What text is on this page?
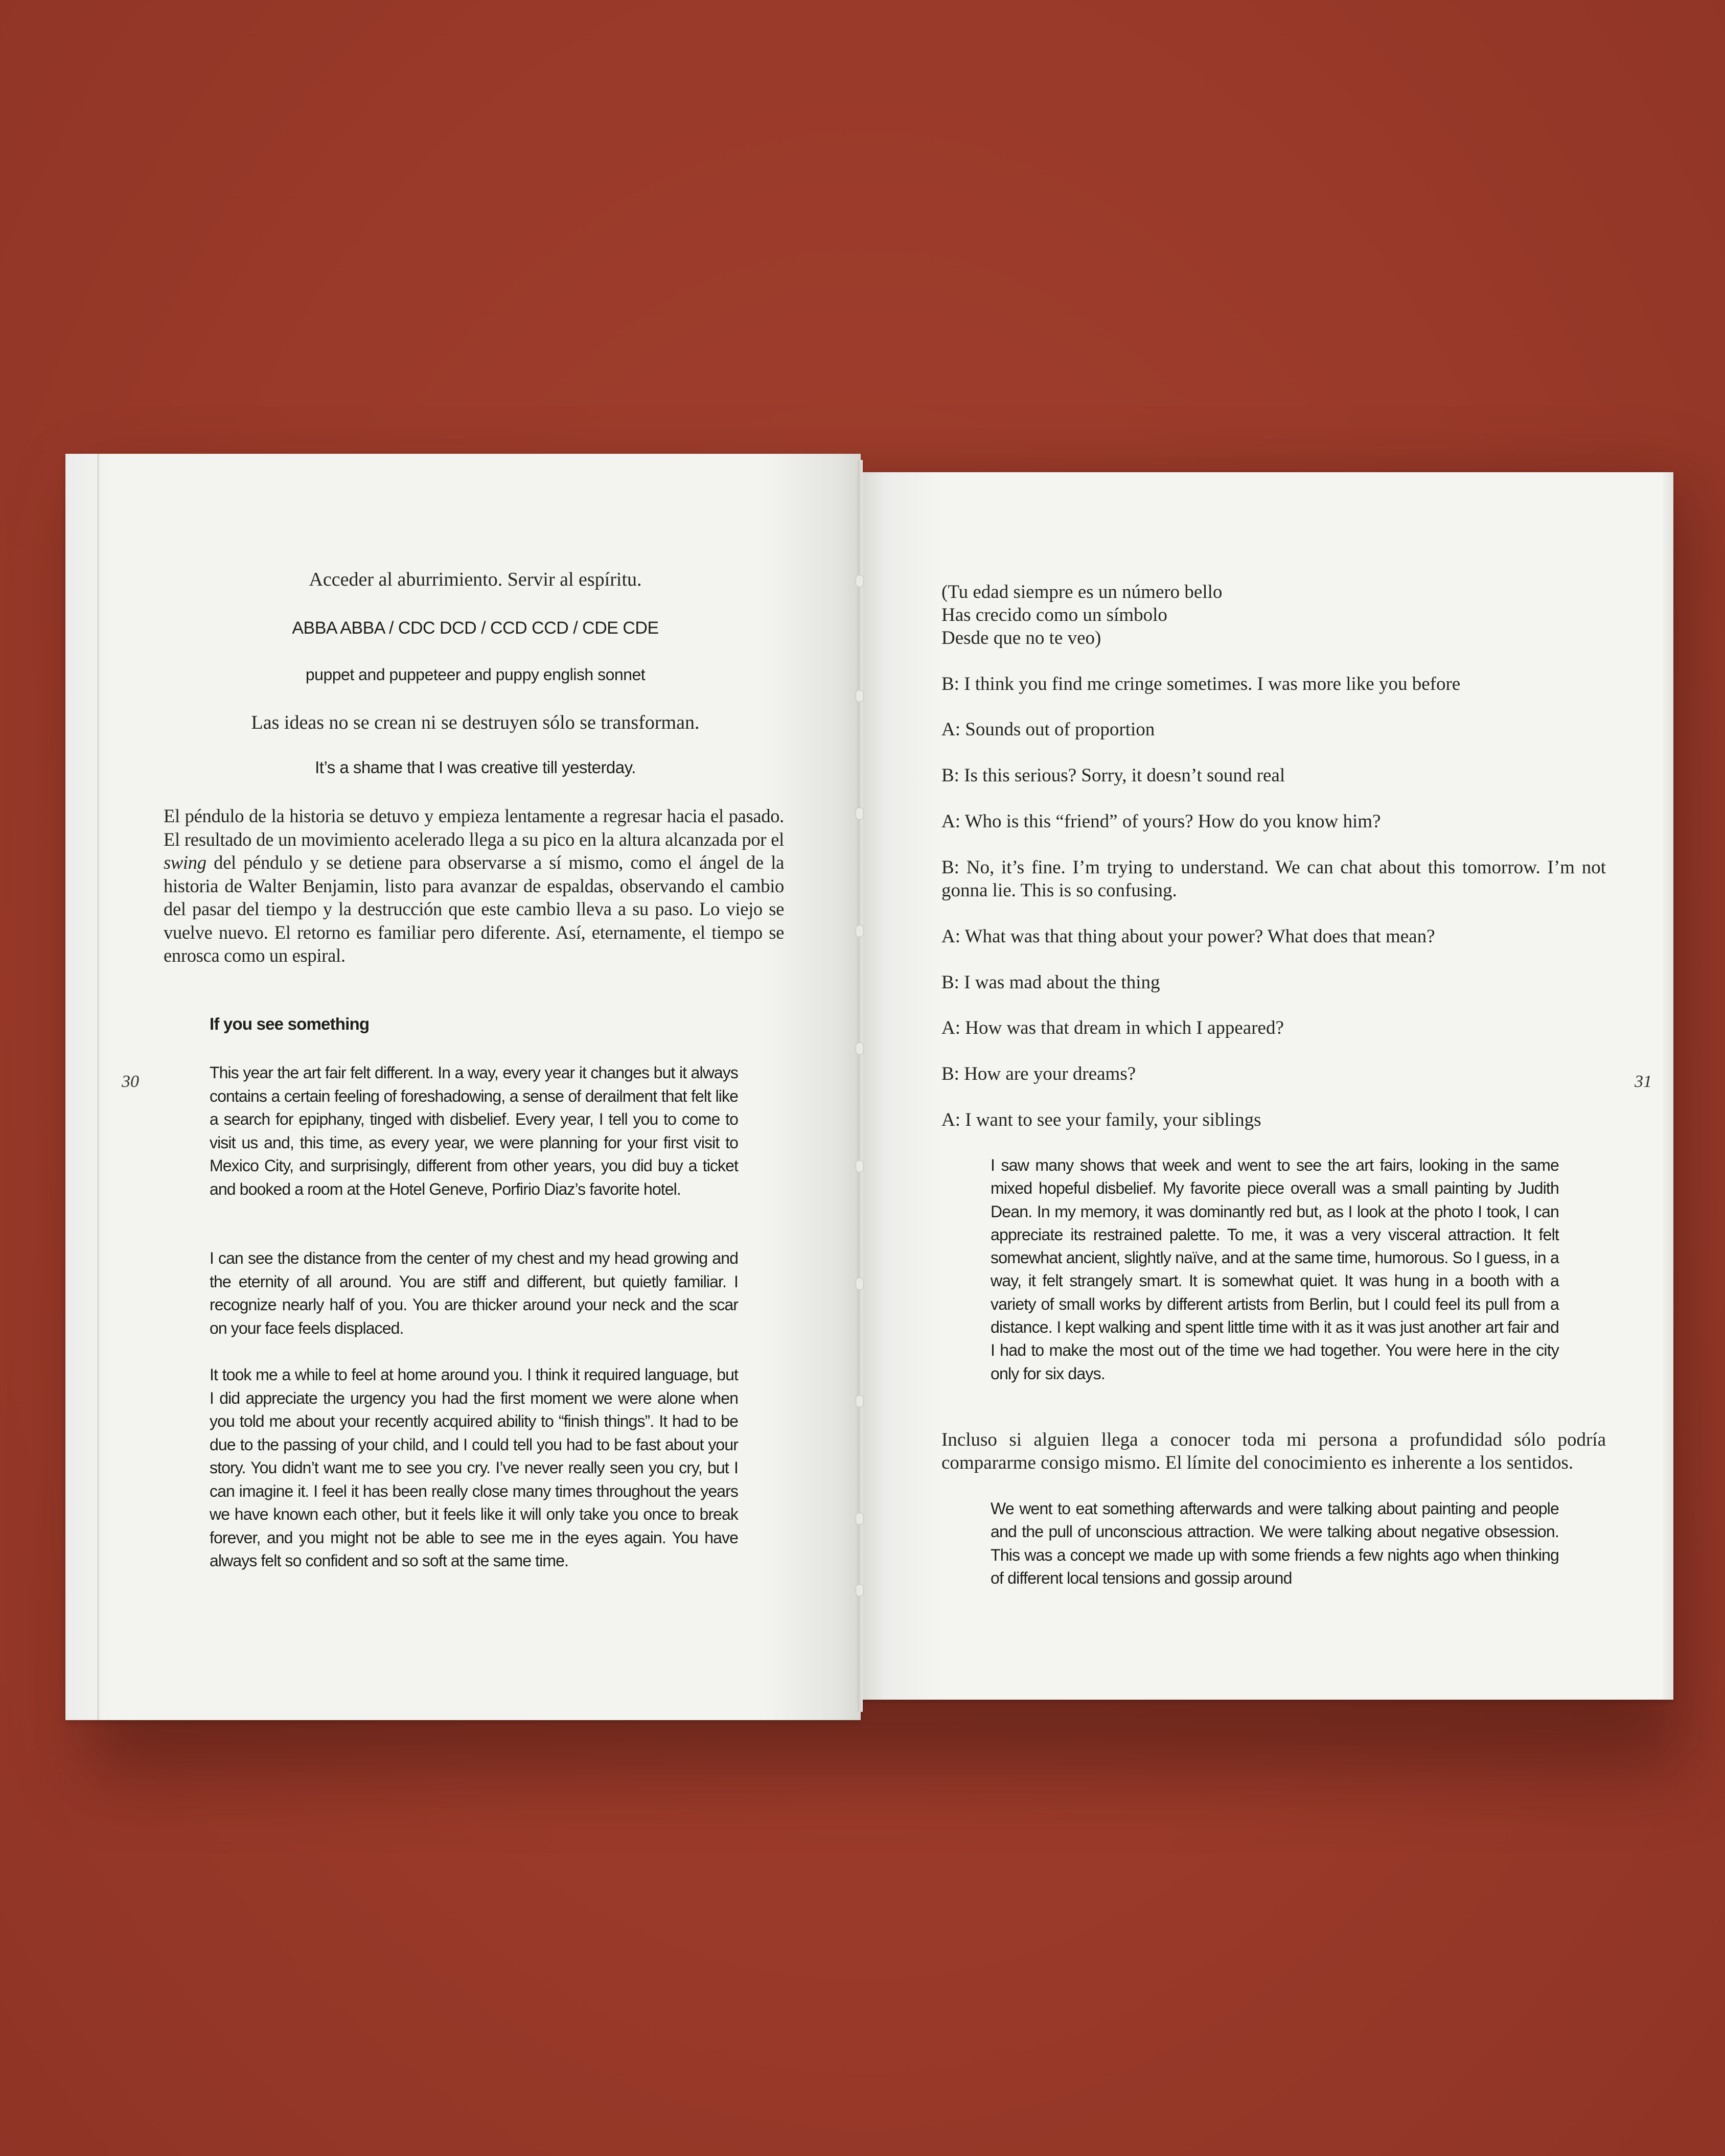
Acceder al aburrimiento. Servir al espíritu.

ABBA ABBA / CDC DCD / CCD CCD / CDE CDE

puppet and puppeteer and puppy english sonnet

Las ideas no se crean ni se destruyen sólo se transforman.

It’s a shame that I was creative till yesterday.

El péndulo de la historia se detuvo y empieza lentamente a regresar hacia el pasado. El resultado de un movimiento acelerado llega a su pico en la altura alcanzada por el swing del péndulo y se detiene para observarse a sí mismo, como el ángel de la historia de Walter Benjamin, listo para avanzar de espaldas, observando el cambio del pasar del tiempo y la destrucción que este cambio lleva a su paso. Lo viejo se vuelve nuevo. El retorno es familiar pero diferente. Así, eternamente, el tiempo se enrosca como un espiral.

If you see something

This year the art fair felt different. In a way, every year it changes but it always contains a certain feeling of foreshadowing, a sense of derailment that felt like a search for epiphany, tinged with disbelief. Every year, I tell you to come to visit us and, this time, as every year, we were planning for your first visit to Mexico City, and surprisingly, different from other years, you did buy a ticket and booked a room at the Hotel Geneve, Porfirio Diaz’s favorite hotel.

I can see the distance from the center of my chest and my head growing and the eternity of all around. You are stiff and different, but quietly familiar. I recognize nearly half of you. You are thicker around your neck and the scar on your face feels displaced.

It took me a while to feel at home around you. I think it required language, but I did appreciate the urgency you had the first moment we were alone when you told me about your recently acquired ability to “finish things”. It had to be due to the passing of your child, and I could tell you had to be fast about your story. You didn’t want me to see you cry. I’ve never really seen you cry, but I can imagine it. I feel it has been really close many times throughout the years we have known each other, but it feels like it will only take you once to break forever, and you might not be able to see me in the eyes again. You have always felt so confident and so soft at the same time.

30

(Tu edad siempre es un número bello
Has crecido como un símbolo
Desde que no te veo)

B: I think you find me cringe sometimes. I was more like you before

A: Sounds out of proportion

B: Is this serious? Sorry, it doesn’t sound real

A: Who is this “friend” of yours? How do you know him?

B: No, it’s fine. I’m trying to understand. We can chat about this tomorrow. I’m not gonna lie. This is so confusing.

A: What was that thing about your power? What does that mean?

B: I was mad about the thing

A: How was that dream in which I appeared?

B: How are your dreams?

A: I want to see your family, your siblings

I saw many shows that week and went to see the art fairs, looking in the same mixed hopeful disbelief. My favorite piece overall was a small painting by Judith Dean. In my memory, it was dominantly red but, as I look at the photo I took, I can appreciate its restrained palette. To me, it was a very visceral attraction. It felt somewhat ancient, slightly naïve, and at the same time, humorous. So I guess, in a way, it felt strangely smart. It is somewhat quiet. It was hung in a booth with a variety of small works by different artists from Berlin, but I could feel its pull from a distance. I kept walking and spent little time with it as it was just another art fair and I had to make the most out of the time we had together. You were here in the city only for six days.

Incluso si alguien llega a conocer toda mi persona a profundidad sólo podría compararme consigo mismo. El límite del conocimiento es inherente a los sentidos.

We went to eat something afterwards and were talking about painting and people and the pull of unconscious attraction. We were talking about negative obsession. This was a concept we made up with some friends a few nights ago when thinking of different local tensions and gossip around

31
